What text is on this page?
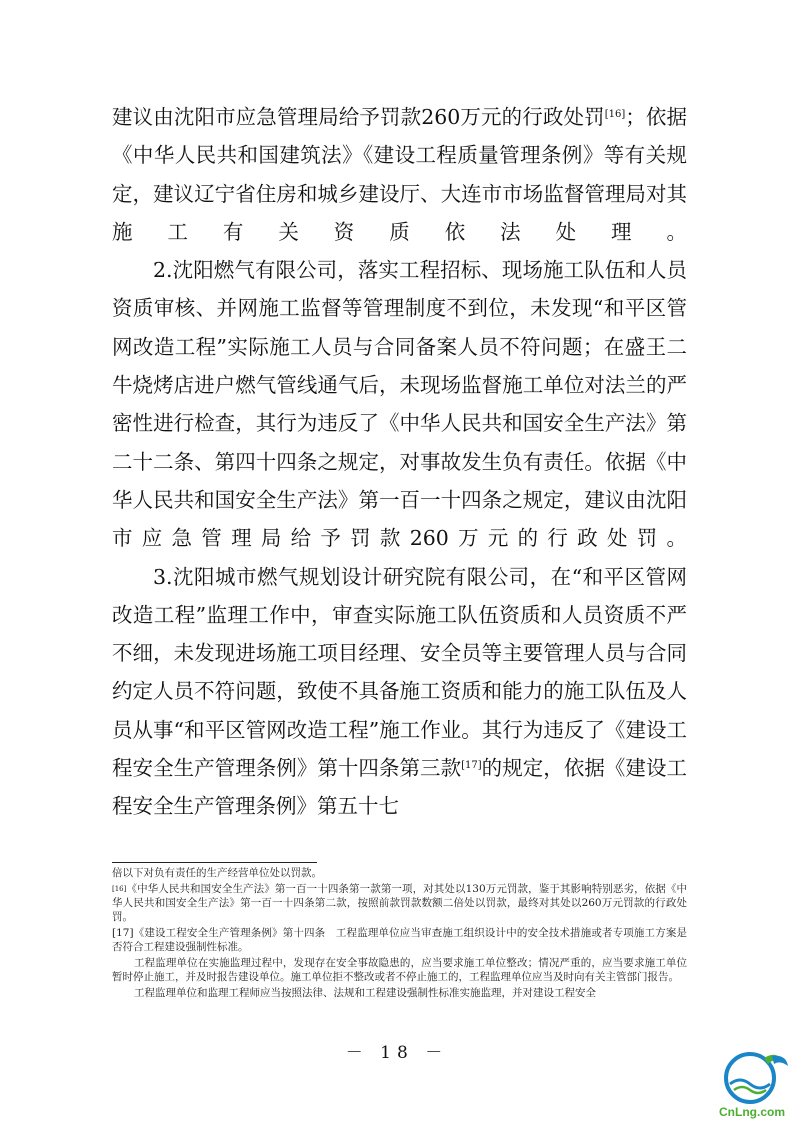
建议由沈阳市应急管理局给予罚款260万元的行政处罚[16]；依据《中华人民共和国建筑法》《建设工程质量管理条例》等有关规定，建议辽宁省住房和城乡建设厅、大连市市场监督管理局对其施工有关资质依法处理。

2.沈阳燃气有限公司，落实工程招标、现场施工队伍和人员资质审核、并网施工监督等管理制度不到位，未发现“和平区管网改造工程”实际施工人员与合同备案人员不符问题；在盛王二牛烧烤店进户燃气管线通气后，未现场监督施工单位对法兰的严密性进行检查，其行为违反了《中华人民共和国安全生产法》第二十二条、第四十四条之规定，对事故发生负有责任。依据《中华人民共和国安全生产法》第一百一十四条之规定，建议由沈阳市应急管理局给予罚款260万元的行政处罚。

3.沈阳城市燃气规划设计研究院有限公司，在“和平区管网改造工程”监理工作中，审查实际施工队伍资质和人员资质不严不细，未发现进场施工项目经理、安全员等主要管理人员与合同约定人员不符问题，致使不具备施工资质和能力的施工队伍及人员从事“和平区管网改造工程”施工作业。其行为违反了《建设工程安全生产管理条例》第十四条第三款[17]的规定，依据《建设工程安全生产管理条例》第五十七

倍以下对负有责任的生产经营单位处以罚款。

[16]《中华人民共和国安全生产法》第一百一十四条第一款第一项，对其处以130万元罚款，鉴于其影响特别恶劣，依据《中华人民共和国安全生产法》第一百一十四条第二款，按照前款罚款数额二倍处以罚款，最终对其处以260万元罚款的行政处罚。

[17]《建设工程安全生产管理条例》第十四条　工程监理单位应当审查施工组织设计中的安全技术措施或者专项施工方案是否符合工程建设强制性标准。

工程监理单位在实施监理过程中，发现存在安全事故隐患的，应当要求施工单位整改；情况严重的，应当要求施工单位暂时停止施工，并及时报告建设单位。施工单位拒不整改或者不停止施工的，工程监理单位应当及时向有关主管部门报告。

工程监理单位和监理工程师应当按照法律、法规和工程建设强制性标准实施监理，并对建设工程安全

－ 18 －
CnLng.com
